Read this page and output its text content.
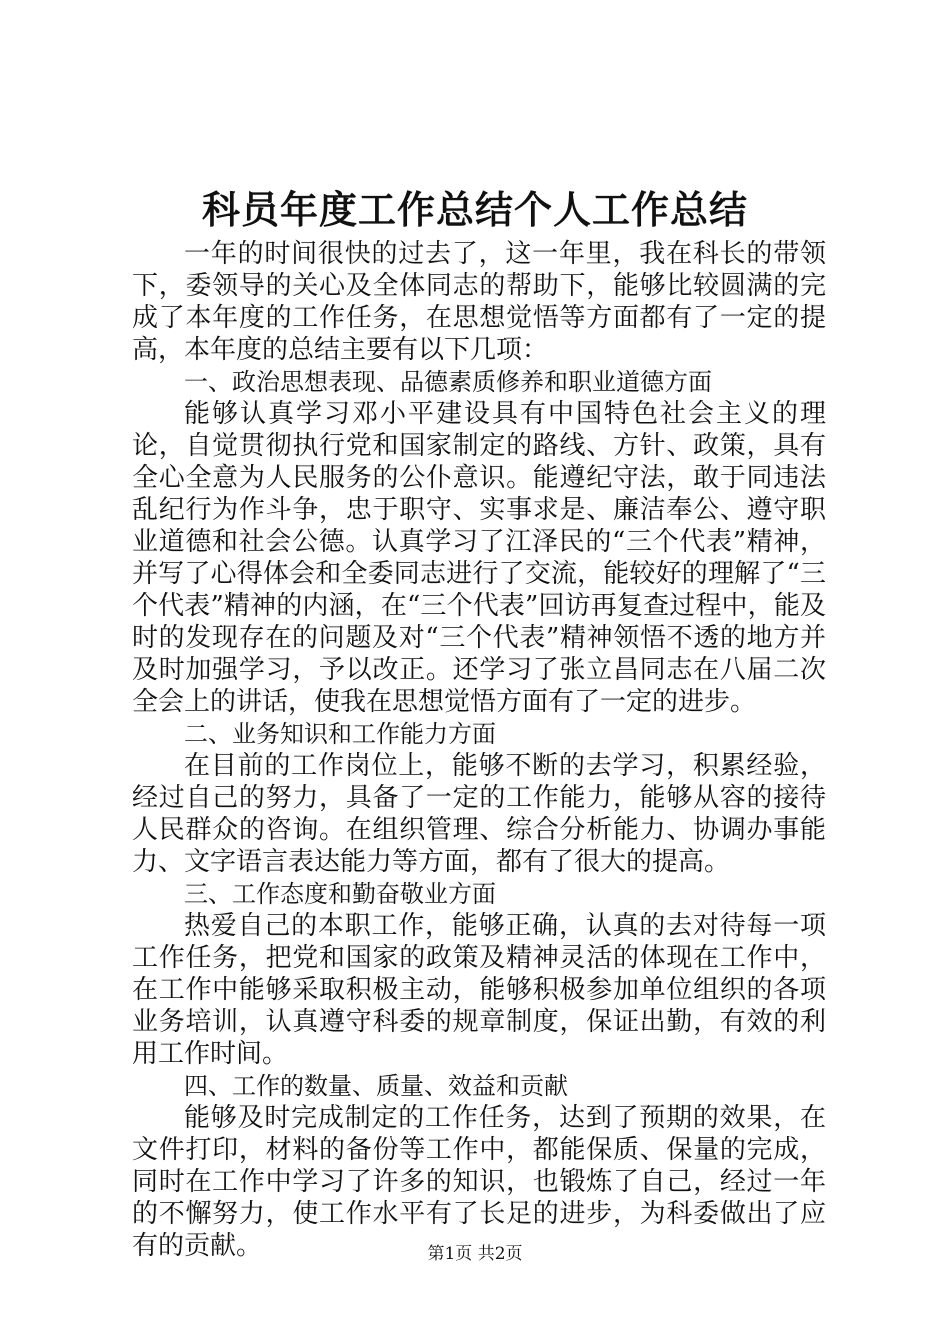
科员年度工作总结个人工作总结

一年的时间很快的过去了，这一年里，我在科长的带领下，委领导的关心及全体同志的帮助下，能够比较圆满的完成了本年度的工作任务，在思想觉悟等方面都有了一定的提高，本年度的总结主要有以下几项：

一、政治思想表现、品德素质修养和职业道德方面

能够认真学习邓小平建设具有中国特色社会主义的理论，自觉贯彻执行党和国家制定的路线、方针、政策，具有全心全意为人民服务的公仆意识。能遵纪守法，敢于同违法乱纪行为作斗争，忠于职守、实事求是、廉洁奉公、遵守职业道德和社会公德。认真学习了江泽民的“三个代表”精神，并写了心得体会和全委同志进行了交流，能较好的理解了“三个代表”精神的内涵，在“三个代表”回访再复查过程中，能及时的发现存在的问题及对“三个代表”精神领悟不透的地方并及时加强学习，予以改正。还学习了张立昌同志在八届二次全会上的讲话，使我在思想觉悟方面有了一定的进步。

二、业务知识和工作能力方面

在目前的工作岗位上，能够不断的去学习，积累经验，经过自己的努力，具备了一定的工作能力，能够从容的接待人民群众的咨询。在组织管理、综合分析能力、协调办事能力、文字语言表达能力等方面，都有了很大的提高。

三、工作态度和勤奋敬业方面

热爱自己的本职工作，能够正确，认真的去对待每一项工作任务，把党和国家的政策及精神灵活的体现在工作中，在工作中能够采取积极主动，能够积极参加单位组织的各项业务培训，认真遵守科委的规章制度，保证出勤，有效的利用工作时间。

四、工作的数量、质量、效益和贡献

能够及时完成制定的工作任务，达到了预期的效果，在文件打印，材料的备份等工作中，都能保质、保量的完成，同时在工作中学习了许多的知识，也锻炼了自己，经过一年的不懈努力，使工作水平有了长足的进步，为科委做出了应有的贡献。	第1页 共2页
